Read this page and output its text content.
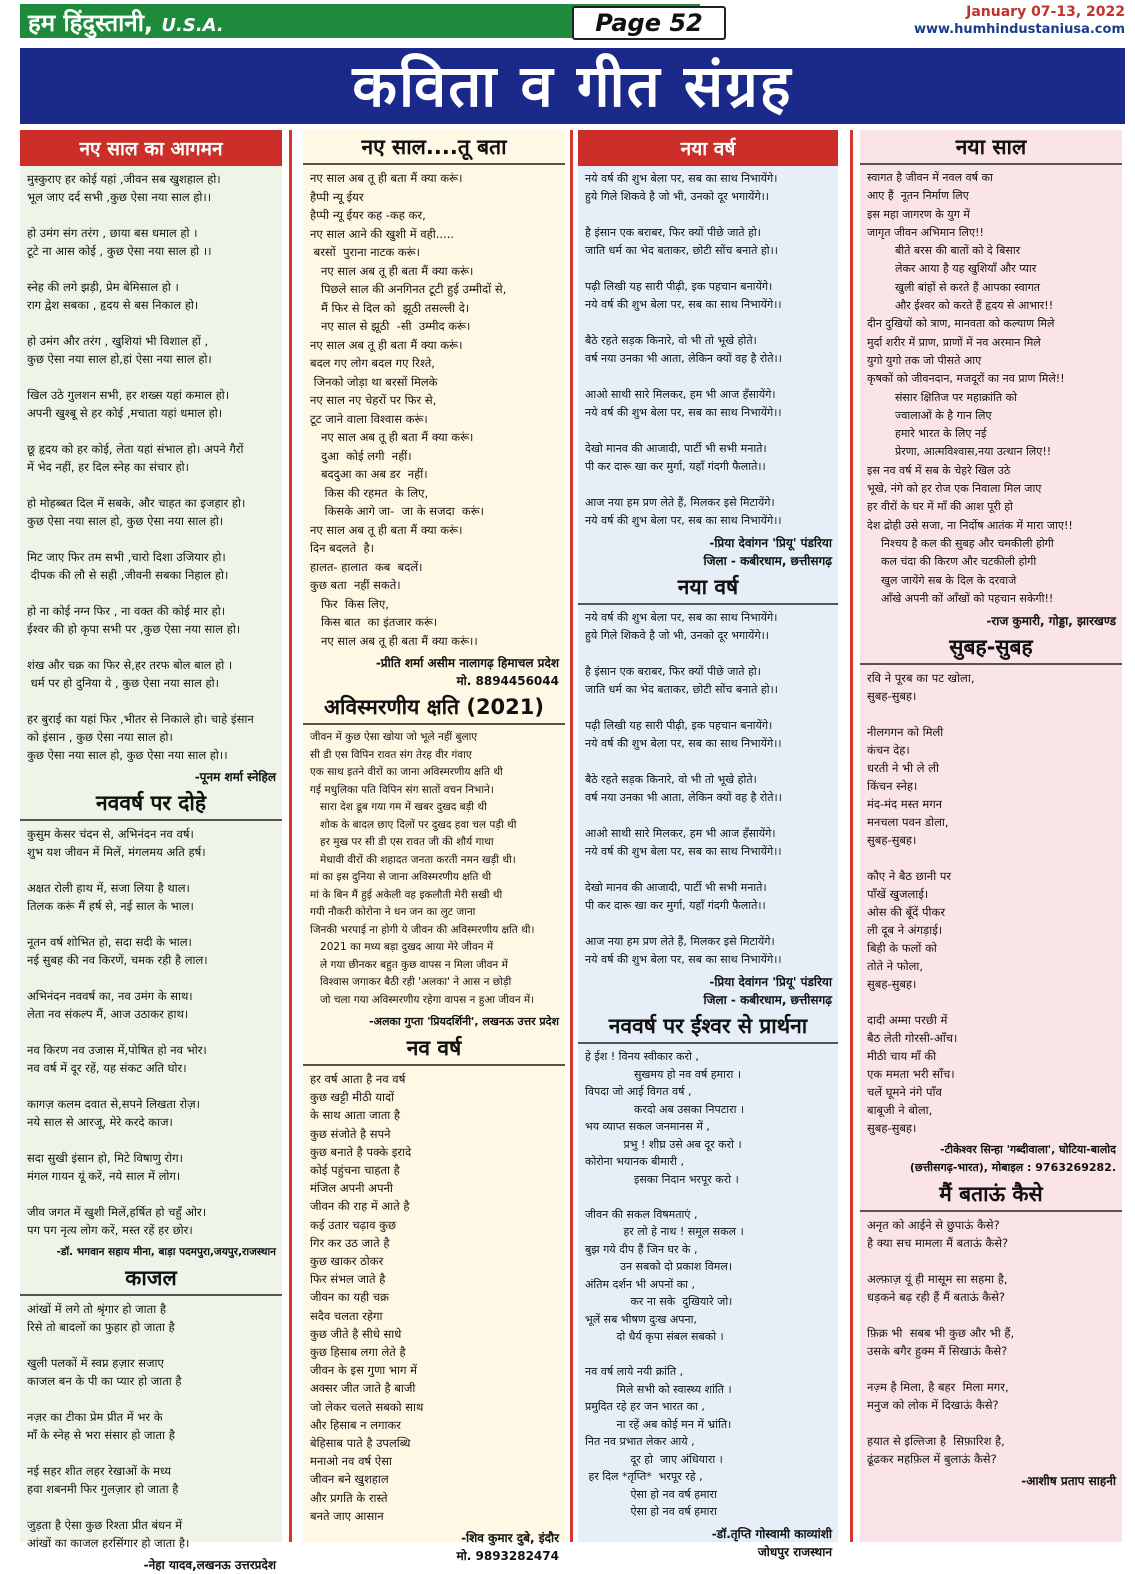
हम हिंदुस्तानी, U.S.A.	Page 52	January 07-13, 2022
www.humhindustaniusa.com
कविता व गीत संग्रह
नए साल का आगमन
मुस्कुराए हर कोई यहां ,जीवन सब खुशहाल हो।
भूल जाए दर्द सभी ,कुछ ऐसा नया साल हो।।

हो उमंग संग तरंग , छाया बस धमाल हो ।
टूटे ना आस कोई , कुछ ऐसा नया साल हो ।।

स्नेह की लगे झड़ी, प्रेम बेमिसाल हो ।
राग द्वेश सबका , हृदय से बस निकाल हो।

हो उमंग और तरंग , खुशियां भी विशाल हों ,
कुछ ऐसा नया साल हो,हां ऐसा नया साल हो।

खिल उठे गुलशन सभी, हर शख्स यहां कमाल हो।
अपनी खुश्बू से हर कोई ,मचाता यहां धमाल हो।

छू हृदय को हर कोई, लेता यहां संभाल हो। अपने गैरों
में भेद नहीं, हर दिल स्नेह का संचार हो।

हो मोहब्बत दिल में सबके, और चाहत का इजहार हो।
कुछ ऐसा नया साल हो, कुछ ऐसा नया साल हो।

मिट जाए फिर तम सभी ,चारो दिशा उजियार हो।
दीपक की लौ से सही ,जीवनी सबका निहाल हो।

हो ना कोई नग्न फिर , ना वक्त की कोई मार हो।
ईश्वर की हो कृपा सभी पर ,कुछ ऐसा नया साल हो।

शंख और चक्र का फिर से,हर तरफ बोल बाल हो ।
धर्म पर हो दुनिया ये , कुछ ऐसा नया साल हो।

हर बुराई का यहां फिर ,भीतर से निकाले हो। चाहे इंसान
को इंसान , कुछ ऐसा नया साल हो।
कुछ ऐसा नया साल हो, कुछ ऐसा नया साल हो।।
-पूनम शर्मा स्नेहिल
नववर्ष पर दोहे
कुसुम केसर चंदन से, अभिनंदन नव वर्ष।
शुभ यश जीवन में मिलें, मंगलमय अति हर्ष।

अक्षत रोली हाथ में, सजा लिया है थाल।
तिलक करूं मैं हर्ष से, नई साल के भाल।

नूतन वर्ष शोभित हो, सदा सदी के भाल।
नई सुबह की नव किरणें, चमक रही है लाल।

अभिनंदन नववर्ष का, नव उमंग के साथ।
लेता नव संकल्प मैं, आज उठाकर हाथ।

नव किरण नव उजास में,पोषित हो नव भोर।
नव वर्ष में दूर रहें, यह संकट अति घोर।

कागज़ कलम दवात से,सपने लिखता रोज़।
नये साल से आरजू, मेरे करदे काज।

सदा सुखी इंसान हो, मिटे विषाणु रोग।
मंगल गायन यूं करें, नये साल में लोग।

जीव जगत में खुशी मिलें,हर्षित हो चहुँ ओर।
पग पग नृत्य लोग करें, मस्त रहें हर छोर।
-डॉ. भगवान सहाय मीना, बाड़ा पदमपुरा,जयपुर,राजस्थान
काजल
आंखों में लगे तो श्रृंगार हो जाता है
रिसे तो बादलों का फुहार हो जाता है

खुली पलकों में स्वप्न हज़ार सजाए
काजल बन के पी का प्यार हो जाता है

नज़र का टीका प्रेम प्रीत में भर के
माँ के स्नेह से भरा संसार हो जाता है

नई सहर शीत लहर रेखाओं के मध्य
हवा शबनमी फिर गुलज़ार हो जाता है

जुड़ता है ऐसा कुछ रिश्ता प्रीत बंधन में
आंखों का काजल हरसिंगार हो जाता है।
-नेहा यादव,लखनऊ उत्तरप्रदेश
नए साल....तू बता
नए साल अब तू ही बता मैं क्या करूं।
हैप्पी न्यू ईयर
हैप्पी न्यू ईयर कह -कह कर,
नए साल आने की खुशी में वही.....
बरसों  पुराना नाटक करूं।
नए साल अब तू ही बता मैं क्या करूं।
पिछले साल की अनगिनत टूटी हुई उम्मीदों से,
मैं फिर से दिल को  झूठी तसल्ली दे।
नए साल से झूठी  -सी  उम्मीद करूं।
नए साल अब तू ही बता मैं क्या करूं।
बदल गए लोग बदल गए रिश्ते,
जिनको जोड़ा था बरसों मिलके
नए साल नए चेहरों पर फिर से,
टूट जाने वाला विश्वास करूं।
नए साल अब तू ही बता मैं क्या करूं।
दुआ  कोई लगी  नहीं।
बददुआ का अब डर  नहीं।
किस की रहमत  के लिए,
किसके आगे जा-  जा के सजदा  करूं।
नए साल अब तू ही बता मैं क्या करूं।
दिन बदलते  है।
हालत- हालात  कब  बदलें।
कुछ बता  नहीं सकते।
फिर  किस लिए,
किस बात  का इंतजार करूं।
नए साल अब तू ही बता मैं क्या करूं।।
-प्रीति शर्मा असीम नालागढ़ हिमाचल प्रदेश
मो. 8894456044
अविस्मरणीय क्षति (2021)
जीवन में कुछ ऐसा खोया जो भूले नहीं बुलाए
सी डी एस विपिन रावत संग तेरह वीर गंवाए
एक साथ इतने वीरों का जाना अविस्मरणीय क्षति थी
गई मधुलिका पति विपिन संग सातों वचन निभाने।
सारा देश डूब गया गम में खबर दुखद बड़ी थी
शोक के बादल छाए दिलों पर दुखद हवा चल पड़ी थी
हर मुख पर सी डी एस रावत जी की शौर्य गाथा
मेधावी वीरों की शहादत जनता करती नमन खड़ी थी।
मां का इस दुनिया से जाना अविस्मरणीय क्षति थी
मां के बिन मैं हुई अकेली वह इकलौती मेरी सखी थी
गयी नौकरी कोरोना ने धन जन का लुट जाना
जिनकी भरपाई ना होगी ये जीवन की अविस्मरणीय क्षति थी।
2021 का मध्य बड़ा दुखद आया मेरे जीवन में
ले गया छीनकर बहुत कुछ वापस न मिला जीवन में
विश्वास जगाकर बैठी रही 'अलका' ने आस न छोड़ी
जो चला गया अविस्मरणीय रहेगा वापस न हुआ जीवन में।
-अलका गुप्ता 'प्रियदर्शिनी', लखनऊ उत्तर प्रदेश
नव वर्ष
हर वर्ष आता है नव वर्ष
कुछ खट्टी मीठी यादों
के साथ आता जाता है
कुछ संजोते है सपने
कुछ बनाते है पक्के इरादे
कोई पहुंचना चाहता है
मंजिल अपनी अपनी
जीवन की राह में आते है
कई उतार चढ़ाव कुछ
गिर कर उठ जाते है
कुछ खाकर ठोकर
फिर संभल जाते है
जीवन का यही चक्र
सदैव चलता रहेगा
कुछ जीते है सीधे साधे
कुछ हिसाब लगा लेते है
जीवन के इस गुणा भाग में
अक्सर जीत जाते है बाजी
जो लेकर चलते सबको साथ
और हिसाब न लगाकर
बेहिसाब पाते है उपलब्धि
मनाओ नव वर्ष ऐसा
जीवन बने खुशहाल
और प्रगति के रास्ते
बनते जाए आसान
-शिव कुमार दुबे, इंदौर
मो. 9893282474
नया वर्ष
नये वर्ष की शुभ बेला पर, सब का साथ निभायेंगे।
हुये गिले शिकवे है जो भी, उनको दूर भगायेंगे।।

है इंसान एक बराबर, फिर क्यों पीछे जाते हो।
जाति धर्म का भेद बताकर, छोटी सोंच बनाते हो।।

पढ़ी लिखी यह सारी पीढ़ी, इक पहचान बनायेंगे।
नये वर्ष की शुभ बेला पर, सब का साथ निभायेंगे।।

बैठे रहते सड़क किनारे, वो भी तो भूखे होते।
वर्ष नया उनका भी आता, लेकिन क्यों वह है रोते।।

आओ साथी सारे मिलकर, हम भी आज हँसायेंगे।
नये वर्ष की शुभ बेला पर, सब का साथ निभायेंगे।।

देखो मानव की आजादी, पार्टी भी सभी मनाते।
पी कर दारू खा कर मुर्गा, यहाँ गंदगी फैलाते।।

आज नया हम प्रण लेते हैं, मिलकर इसे मिटायेंगे।
नये वर्ष की शुभ बेला पर, सब का साथ निभायेंगे।।
-प्रिया देवांगन 'प्रियू' पंडरिया
जिला - कबीरधाम, छत्तीसगढ़
नया वर्ष
नये वर्ष की शुभ बेला पर, सब का साथ निभायेंगे।
हुये गिले शिकवे है जो भी, उनको दूर भगायेंगे।।

है इंसान एक बराबर, फिर क्यों पीछे जाते हो।
जाति धर्म का भेद बताकर, छोटी सोंच बनाते हो।।

पढ़ी लिखी यह सारी पीढ़ी, इक पहचान बनायेंगे।
नये वर्ष की शुभ बेला पर, सब का साथ निभायेंगे।।

बैठे रहते सड़क किनारे, वो भी तो भूखे होते।
वर्ष नया उनका भी आता, लेकिन क्यों वह है रोते।।

आओ साथी सारे मिलकर, हम भी आज हँसायेंगे।
नये वर्ष की शुभ बेला पर, सब का साथ निभायेंगे।।

देखो मानव की आजादी, पार्टी भी सभी मनाते।
पी कर दारू खा कर मुर्गा, यहाँ गंदगी फैलाते।।

आज नया हम प्रण लेते हैं, मिलकर इसे मिटायेंगे।
नये वर्ष की शुभ बेला पर, सब का साथ निभायेंगे।।
-प्रिया देवांगन 'प्रियू' पंडरिया
जिला - कबीरधाम, छत्तीसगढ़
नववर्ष पर ईश्वर से प्रार्थना
हे ईश ! विनय स्वीकार करो ,
सुखमय हो नव वर्ष हमारा ।
विपदा जो आई विगत वर्ष ,
करदो अब उसका निपटारा ।
भय व्याप्त सकल जनमानस में ,
प्रभु ! शीघ्र उसे अब दूर करो ।
कोरोना भयानक बीमारी ,
इसका निदान भरपूर करो ।

जीवन की सकल विषमताएं ,
हर लो हे नाथ ! समूल सकल ।
बुझ गये दीप हैं जिन घर के ,
उन सबको दो प्रकाश विमल।
अंतिम दर्शन भी अपनों का ,
कर ना सके  दुखियारे जो।
भूलें सब भीषण दुःख अपना,
दो धैर्य कृपा संबल सबको ।

नव वर्ष लाये नयी क्रांति ,
मिले सभी को स्वास्थ्य शांति ।
प्रमुदित रहे हर जन भारत का ,
ना रहें अब कोई मन में भ्रांति।
नित नव प्रभात लेकर आये ,
दूर हो  जाए अंधियारा ।
हर दिल *तृप्ति*  भरपूर रहे ,
ऐसा हो नव वर्ष हमारा
ऐसा हो नव वर्ष हमारा
-डॉ.तृप्ति गोस्वामी काव्यांशी
जोधपुर राजस्थान
नया साल
स्वागत है जीवन में नवल वर्ष का
आए हैं  नूतन निर्माण लिए
इस महा जागरण के युग में
जागृत जीवन अभिमान लिए!!
बीते बरस की बातों को दे बिसार
लेकर आया है यह खुशियाँ और प्यार
खुली बांहों से करते हैं आपका स्वागत
और ईश्वर को करते हैं हृदय से आभार!!
दीन दुखियों को त्राण, मानवता को कल्याण मिले
मुर्दा शरीर में प्राण, प्राणों में नव अरमान मिले
युगो युगो तक जो पीसते आए
कृषकों को जीवनदान, मजदूरों का नव प्राण मिले!!
संसार क्षितिज पर महाक्रांति को
ज्वालाओं के है गान लिए
हमारे भारत के लिए नई
प्रेरणा, आत्मविश्वास,नया उत्थान लिए!!
इस नव वर्ष में सब के चेहरे खिल उठे
भूखे, नंगे को हर रोज एक निवाला मिल जाए
हर वीरों के घर में माँ की आश पूरी हो
देश द्रोही उसे सजा, ना निर्दोष आतंक में मारा जाए!!
निश्चय है कल की सुबह और चमकीली होगी
कल चंदा की किरण और चटकीली होगी
खुल जायेंगे सब के दिल के दरवाजे
आँखे अपनी कों आँखों को पहचान सकेगी!!
-राज कुमारी, गोड्डा, झारखण्ड
सुबह-सुबह
रवि ने पूरब का पट खोला,
सुबह-सुबह।

नीलगगन को मिली
कंचन देह।
धरती ने भी ले ली
किंचन स्नेह।
मंद-मंद मस्त मगन
मनचला पवन डोला,
सुबह-सुबह।

कौए ने बैठ छानी पर
पाँखें खुजलाई।
ओस की बूँदें पीकर
ली दूब ने अंगड़ाई।
बिही के फलों को
तोते ने फोला,
सुबह-सुबह।

दादी अम्मा परछी में
बैठ लेती गोरसी-आँच।
मीठी चाय माँ की
एक ममता भरी साँच।
चलें घूमने नंगे पाँव
बाबूजी ने बोला,
सुबह-सुबह।
-टीकेश्वर सिन्हा 'गब्दीवाला', घोटिया-बालोद
(छत्तीसगढ़-भारत), मोबाइल : 9763269282.
मैं बताऊं कैसे
अनृत को आईने से छुपाऊं कैसे?
है क्या सच मामला मैं बताऊं कैसे?

अल्फ़ाज़ यूं ही मासूम सा सहमा है,
धड़कने बढ़ रही हैं मैं बताऊं कैसे?

फ़िक्र भी  सबब भी कुछ और भी हैं,
उसके बगैर हुक्म मैं सिखाऊं कैसे?

नज़्म है मिला, है बहर  मिला मगर,
मनुज को लोक में दिखाऊं कैसे?

हयात से इल्तिजा है  सिफ़ारिश है,
ढूंढकर महफ़िल में बुलाऊं कैसे?
-आशीष प्रताप साहनी
